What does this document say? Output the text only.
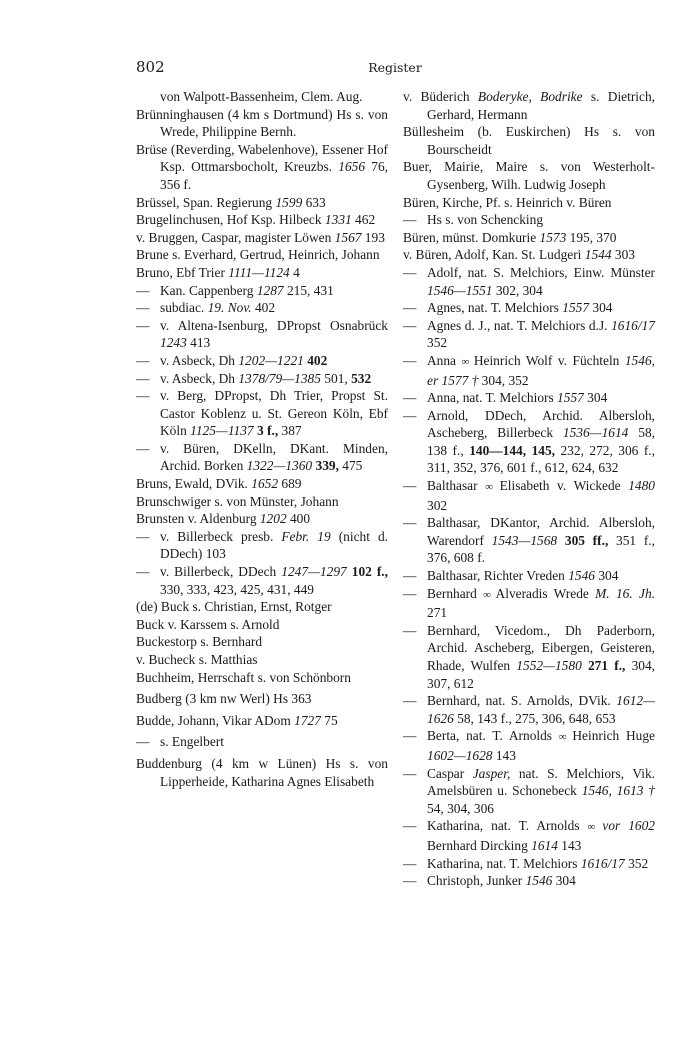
802	Register

von Walpott-Bassenheim, Clem. Aug.

Brünninghausen (4 km s Dortmund) Hs s. von Wrede, Philippine Bernh.

Brüse (Reverding, Wabelenhove), Essener Hof Ksp. Ottmarsbocholt, Kreuzbs. 1656 76, 356 f.

Brüssel, Span. Regierung 1599 633

Brugelinchusen, Hof Ksp. Hilbeck 1331 462

v. Bruggen, Caspar, magister Löwen 1567 193

Brune s. Everhard, Gertrud, Heinrich, Johann

Bruno, Ebf Trier 1111—1124 4

— Kan. Cappenberg 1287 215, 431

— subdiac. 19. Nov. 402

— v. Altena-Isenburg, DPropst Osnabrück 1243 413

— v. Asbeck, Dh 1202—1221 402

— v. Asbeck, Dh 1378/79—1385 501, 532

— v. Berg, DPropst, Dh Trier, Propst St. Castor Koblenz u. St. Gereon Köln, Ebf Köln 1125—1137 3 f., 387

— v. Büren, DKelln, DKant. Minden, Archid. Borken 1322—1360 339, 475

Bruns, Ewald, DVik. 1652 689

Brunschwiger s. von Münster, Johann

Brunsten v. Aldenburg 1202 400

— v. Billerbeck presb. Febr. 19 (nicht d. DDech) 103

— v. Billerbeck, DDech 1247—1297 102 f., 330, 333, 423, 425, 431, 449

(de) Buck s. Christian, Ernst, Rotger

Buck v. Karssem s. Arnold

Buckestorp s. Bernhard

v. Bucheck s. Matthias

Buchheim, Herrschaft s. von Schönborn

Budberg (3 km nw Werl) Hs 363

Budde, Johann, Vikar ADom 1727 75

— s. Engelbert

Buddenburg (4 km w Lünen) Hs s. von Lipperheide, Katharina Agnes Elisabeth

v. Büderich Boderyke, Bodrike s. Dietrich, Gerhard, Hermann

Büllesheim (b. Euskirchen) Hs s. von Bourscheidt

Buer, Mairie, Maire s. von Westerholt-Gysenberg, Wilh. Ludwig Joseph

Büren, Kirche, Pf. s. Heinrich v. Büren

— Hs s. von Schencking

Büren, münst. Domkurie 1573 195, 370

v. Büren, Adolf, Kan. St. Ludgeri 1544 303

— Adolf, nat. S. Melchiors, Einw. Münster 1546—1551 302, 304

— Agnes, nat. T. Melchiors 1557 304

— Agnes d. J., nat. T. Melchiors d.J. 1616/17 352

— Anna ∞ Heinrich Wolf v. Füchteln 1546, er 1577 † 304, 352

— Anna, nat. T. Melchiors 1557 304

— Arnold, DDech, Archid. Albersloh, Ascheberg, Billerbeck 1536—1614 58, 138 f., 140—144, 145, 232, 272, 306 f., 311, 352, 376, 601 f., 612, 624, 632

— Balthasar ∞ Elisabeth v. Wickede 1480 302

— Balthasar, DKantor, Archid. Albersloh, Warendorf 1543—1568 305 ff., 351 f., 376, 608 f.

— Balthasar, Richter Vreden 1546 304

— Bernhard ∞ Alveradis Wrede M. 16. Jh. 271

— Bernhard, Vicedom., Dh Paderborn, Archid. Ascheberg, Eibergen, Geisteren, Rhade, Wulfen 1552—1580 271 f., 304, 307, 612

— Bernhard, nat. S. Arnolds, DVik. 1612—1626 58, 143 f., 275, 306, 648, 653

— Berta, nat. T. Arnolds ∞ Heinrich Huge 1602—1628 143

— Caspar Jasper, nat. S. Melchiors, Vik. Amelsbüren u. Schonebeck 1546, 1613 † 54, 304, 306

— Katharina, nat. T. Arnolds ∞ vor 1602 Bernhard Dircking 1614 143

— Katharina, nat. T. Melchiors 1616/17 352

— Christoph, Junker 1546 304
